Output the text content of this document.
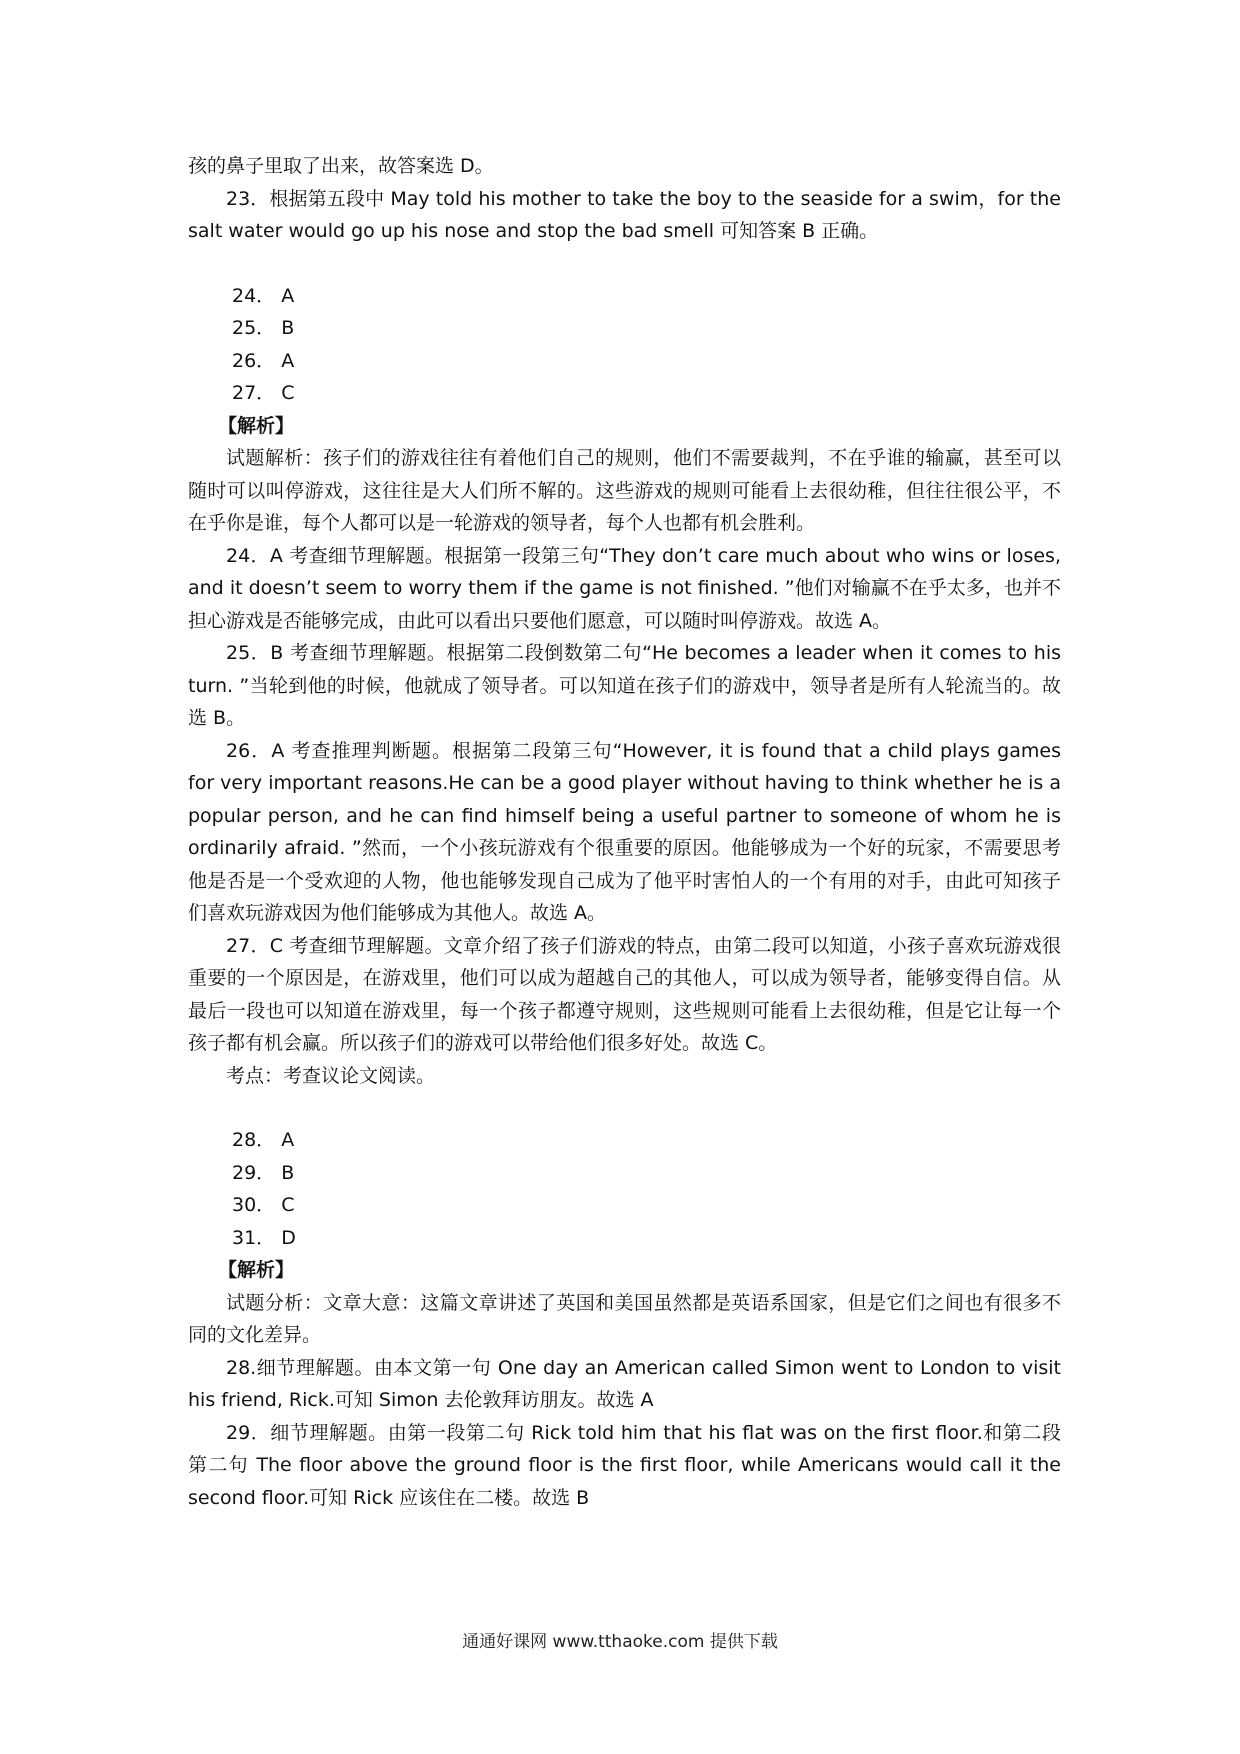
孩的鼻子里取了出来，故答案选 D。

23．根据第五段中 May told his mother to take the boy to the seaside for a swim，for the salt water would go up his nose and stop the bad smell 可知答案 B 正确。

24． A

25． B

26． A

27． C

【解析】

试题解析：孩子们的游戏往往有着他们自己的规则，他们不需要裁判，不在乎谁的输赢，甚至可以随时可以叫停游戏，这往往是大人们所不解的。这些游戏的规则可能看上去很幼稚，但往往很公平，不在乎你是谁，每个人都可以是一轮游戏的领导者，每个人也都有机会胜利。

24．A 考查细节理解题。根据第一段第三句“They don’t care much about who wins or loses, and it doesn’t seem to worry them if the game is not finished. ”他们对输赢不在乎太多，也并不担心游戏是否能够完成，由此可以看出只要他们愿意，可以随时叫停游戏。故选 A。

25．B 考查细节理解题。根据第二段倒数第二句“He becomes a leader when it comes to his turn. ”当轮到他的时候，他就成了领导者。可以知道在孩子们的游戏中，领导者是所有人轮流当的。故选 B。

26．A 考查推理判断题。根据第二段第三句“However, it is found that a child plays games for very important reasons.He can be a good player without having to think whether he is a popular person, and he can find himself being a useful partner to someone of whom he is ordinarily afraid. ”然而，一个小孩玩游戏有个很重要的原因。他能够成为一个好的玩家，不需要思考他是否是一个受欢迎的人物，他也能够发现自己成为了他平时害怕人的一个有用的对手，由此可知孩子们喜欢玩游戏因为他们能够成为其他人。故选 A。

27．C 考查细节理解题。文章介绍了孩子们游戏的特点，由第二段可以知道，小孩子喜欢玩游戏很重要的一个原因是，在游戏里，他们可以成为超越自己的其他人，可以成为领导者，能够变得自信。从最后一段也可以知道在游戏里，每一个孩子都遵守规则，这些规则可能看上去很幼稚，但是它让每一个孩子都有机会赢。所以孩子们的游戏可以带给他们很多好处。故选 C。

考点：考查议论文阅读。

28． A

29． B

30． C

31． D

【解析】

试题分析：文章大意：这篇文章讲述了英国和美国虽然都是英语系国家，但是它们之间也有很多不同的文化差异。

28.细节理解题。由本文第一句 One day an American called Simon went to London to visit his friend, Rick.可知 Simon 去伦敦拜访朋友。故选 A

29．细节理解题。由第一段第二句 Rick told him that his flat was on the first floor.和第二段第二句 The floor above the ground floor is the first floor, while Americans would call it the second floor.可知 Rick 应该住在二楼。故选 B

通通好课网 www.tthaoke.com 提供下载
